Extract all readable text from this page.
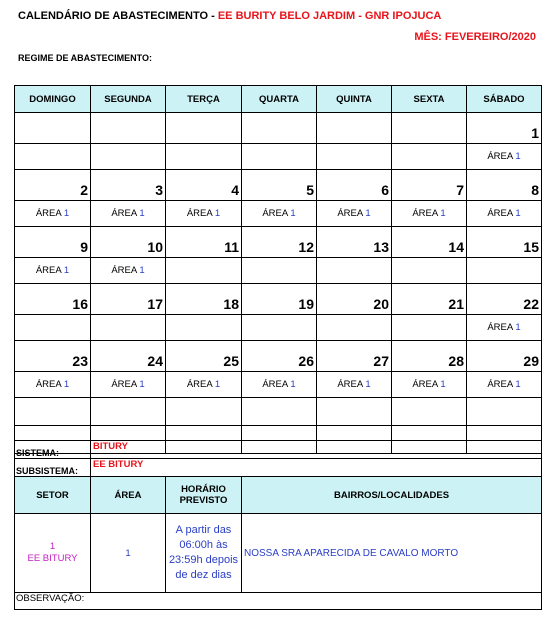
CALENDÁRIO DE ABASTECIMENTO - EE BURITY BELO JARDIM - GNR IPOJUCA
MÊS: FEVEREIRO/2020
REGIME DE ABASTECIMENTO:
DOMINGO	SEGUNDA	TERÇA	QUARTA	QUINTA	SEXTA	SÁBADO
						1
						ÁREA 1
2	3	4	5	6	7	8
ÁREA 1	ÁREA 1	ÁREA 1	ÁREA 1	ÁREA 1	ÁREA 1	ÁREA 1
9	10	11	12	13	14	15
ÁREA 1	ÁREA 1					
16	17	18	19	20	21	22
						ÁREA 1
23	24	25	26	27	28	29
ÁREA 1	ÁREA 1	ÁREA 1	ÁREA 1	ÁREA 1	ÁREA 1	ÁREA 1

SISTEMA:	BITURY		
SUBSISTEMA:	EE BITURY		
SETOR	ÁREA	HORÁRIO PREVISTO	BAIRROS/LOCALIDADES

1
EE BITURY	1	A partir das 06:00h às 23:59h depois de dez dias	NOSSA SRA APARECIDA DE CAVALO MORTO
OBSERVAÇÃO:			
